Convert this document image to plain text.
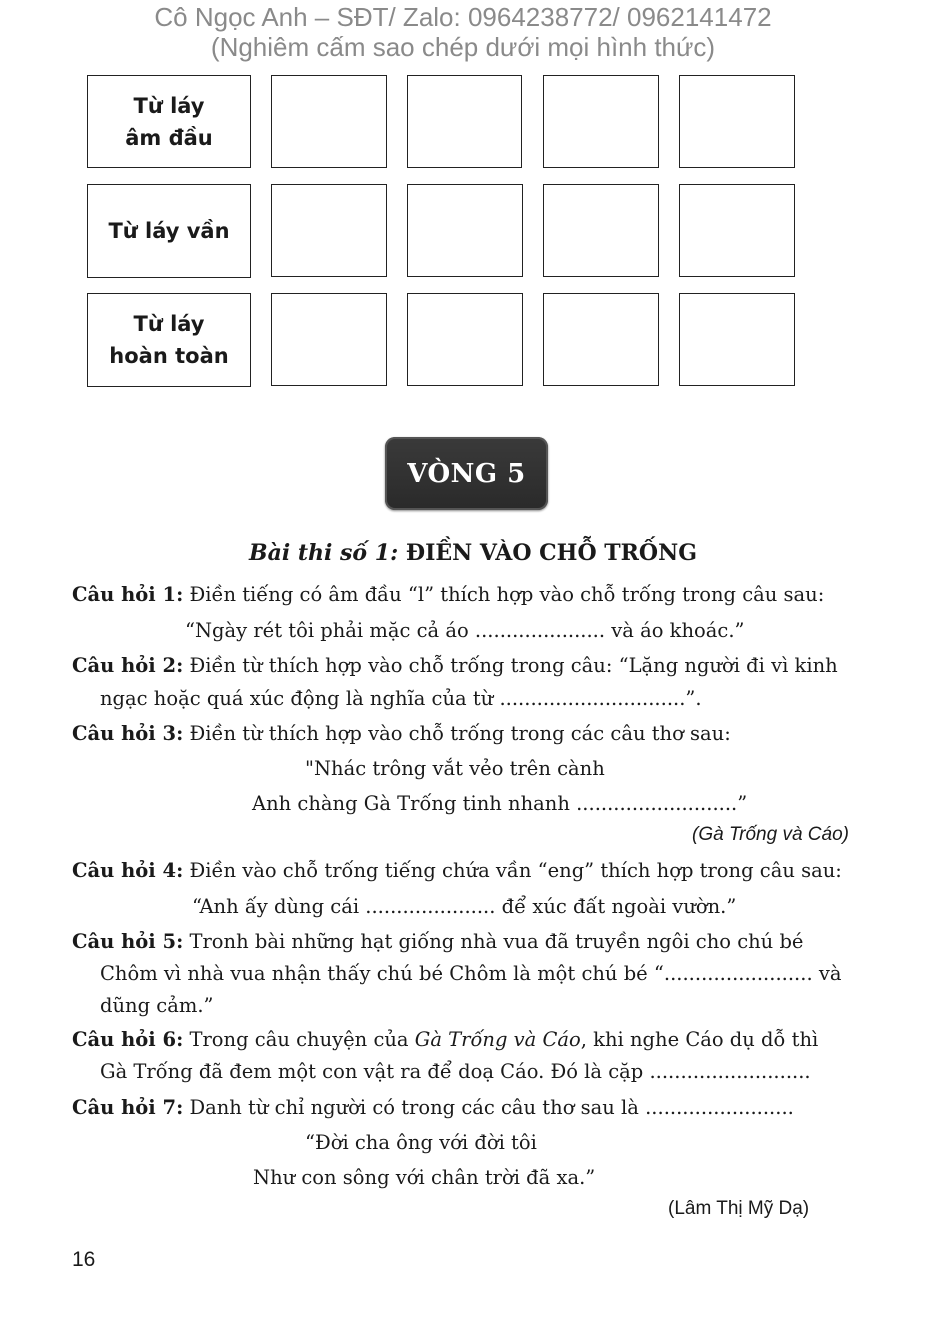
Cô Ngọc Anh – SĐT/ Zalo: 0964238772/ 0962141472
(Nghiêm cấm sao chép dưới mọi hình thức)
Từ láy
âm đầu
Từ láy vần
Từ láy
hoàn toàn
VÒNG 5
Bài thi số 1: ĐIỀN VÀO CHỖ TRỐNG
Câu hỏi 1: Điền tiếng có âm đầu “l” thích hợp vào chỗ trống trong câu sau:
“Ngày rét tôi phải mặc cả áo ..................... và áo khoác.”
Câu hỏi 2: Điền từ thích hợp vào chỗ trống trong câu: “Lặng người đi vì kinh
ngạc hoặc quá xúc động là nghĩa của từ ..............................”.
Câu hỏi 3: Điền từ thích hợp vào chỗ trống trong các câu thơ sau:
"Nhác trông vắt vẻo trên cành
Anh chàng Gà Trống tinh nhanh ..........................”
(Gà Trống và Cáo)
Câu hỏi 4: Điền vào chỗ trống tiếng chứa vần “eng” thích hợp trong câu sau:
“Anh ấy dùng cái ..................... để xúc đất ngoài vườn.”
Câu hỏi 5: Tronh bài những hạt giống nhà vua đã truyền ngôi cho chú bé
Chôm vì nhà vua nhận thấy chú bé Chôm là một chú bé “........................ và
dũng cảm.”
Câu hỏi 6: Trong câu chuyện của Gà Trống và Cáo, khi nghe Cáo dụ dỗ thì
Gà Trống đã đem một con vật ra để doạ Cáo. Đó là cặp ..........................
Câu hỏi 7: Danh từ chỉ người có trong các câu thơ sau là ........................
“Đời cha ông với đời tôi
Như con sông với chân trời đã xa.”
(Lâm Thị Mỹ Dạ)
16
